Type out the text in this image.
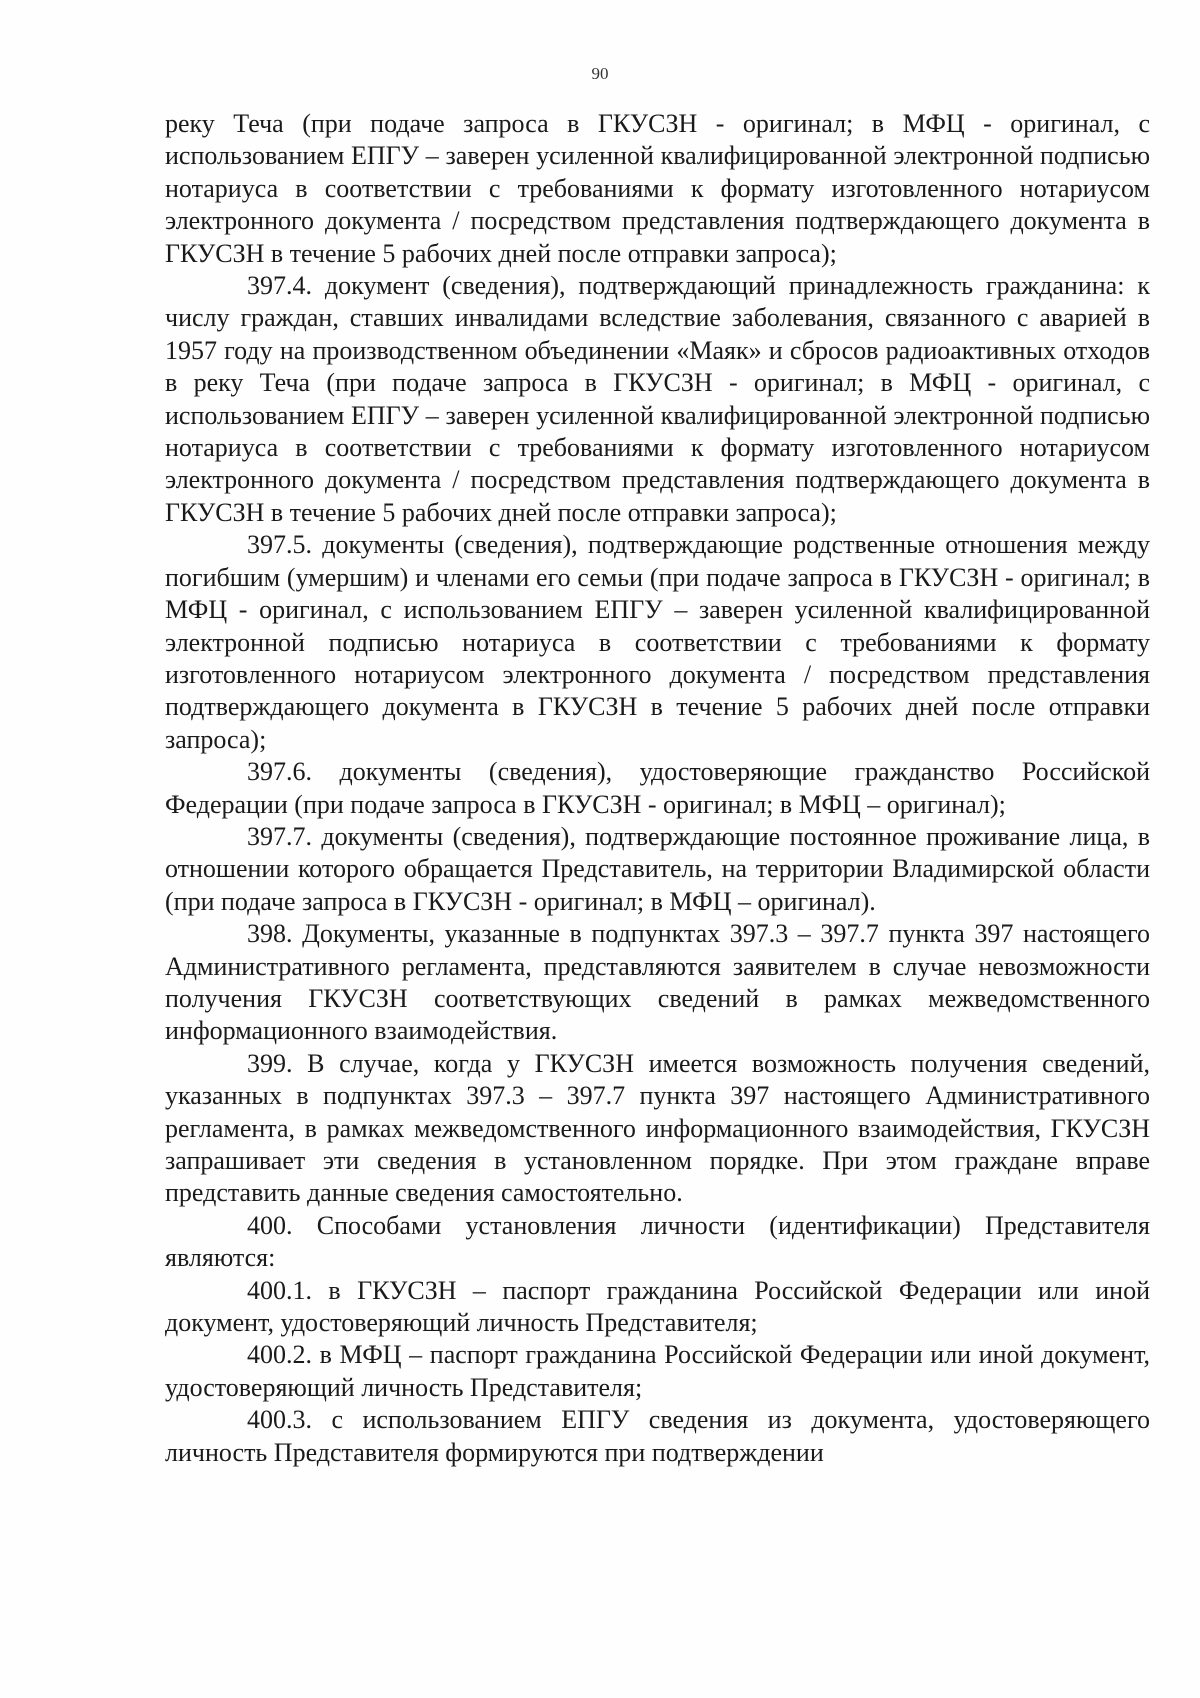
90

реку Теча (при подаче запроса в ГКУСЗН - оригинал; в МФЦ - оригинал, с использованием ЕПГУ – заверен усиленной квалифицированной электронной подписью нотариуса в соответствии с требованиями к формату изготовленного нотариусом электронного документа / посредством представления подтверждающего документа в ГКУСЗН в течение 5 рабочих дней после отправки запроса);

397.4. документ (сведения), подтверждающий принадлежность гражданина: к числу граждан, ставших инвалидами вследствие заболевания, связанного с аварией в 1957 году на производственном объединении «Маяк» и сбросов радиоактивных отходов в реку Теча (при подаче запроса в ГКУСЗН - оригинал; в МФЦ - оригинал, с использованием ЕПГУ – заверен усиленной квалифицированной электронной подписью нотариуса в соответствии с требованиями к формату изготовленного нотариусом электронного документа / посредством представления подтверждающего документа в ГКУСЗН в течение 5 рабочих дней после отправки запроса);

397.5. документы (сведения), подтверждающие родственные отношения между погибшим (умершим) и членами его семьи (при подаче запроса в ГКУСЗН - оригинал; в МФЦ - оригинал, с использованием ЕПГУ – заверен усиленной квалифицированной электронной подписью нотариуса в соответствии с требованиями к формату изготовленного нотариусом электронного документа / посредством представления подтверждающего документа в ГКУСЗН в течение 5 рабочих дней после отправки запроса);

397.6. документы (сведения), удостоверяющие гражданство Российской Федерации (при подаче запроса в ГКУСЗН - оригинал; в МФЦ – оригинал);

397.7. документы (сведения), подтверждающие постоянное проживание лица, в отношении которого обращается Представитель, на территории Владимирской области (при подаче запроса в ГКУСЗН - оригинал; в МФЦ – оригинал).

398. Документы, указанные в подпунктах 397.3 – 397.7 пункта 397 настоящего Административного регламента, представляются заявителем в случае невозможности получения ГКУСЗН соответствующих сведений в рамках межведомственного информационного взаимодействия.

399. В случае, когда у ГКУСЗН имеется возможность получения сведений, указанных в подпунктах 397.3 – 397.7 пункта 397 настоящего Административного регламента, в рамках межведомственного информационного взаимодействия, ГКУСЗН запрашивает эти сведения в установленном порядке. При этом граждане вправе представить данные сведения самостоятельно.

400. Способами установления личности (идентификации) Представителя являются:

400.1. в ГКУСЗН – паспорт гражданина Российской Федерации или иной документ, удостоверяющий личность Представителя;

400.2. в МФЦ – паспорт гражданина Российской Федерации или иной документ, удостоверяющий личность Представителя;

400.3. с использованием ЕПГУ сведения из документа, удостоверяющего личность Представителя формируются при подтверждении
